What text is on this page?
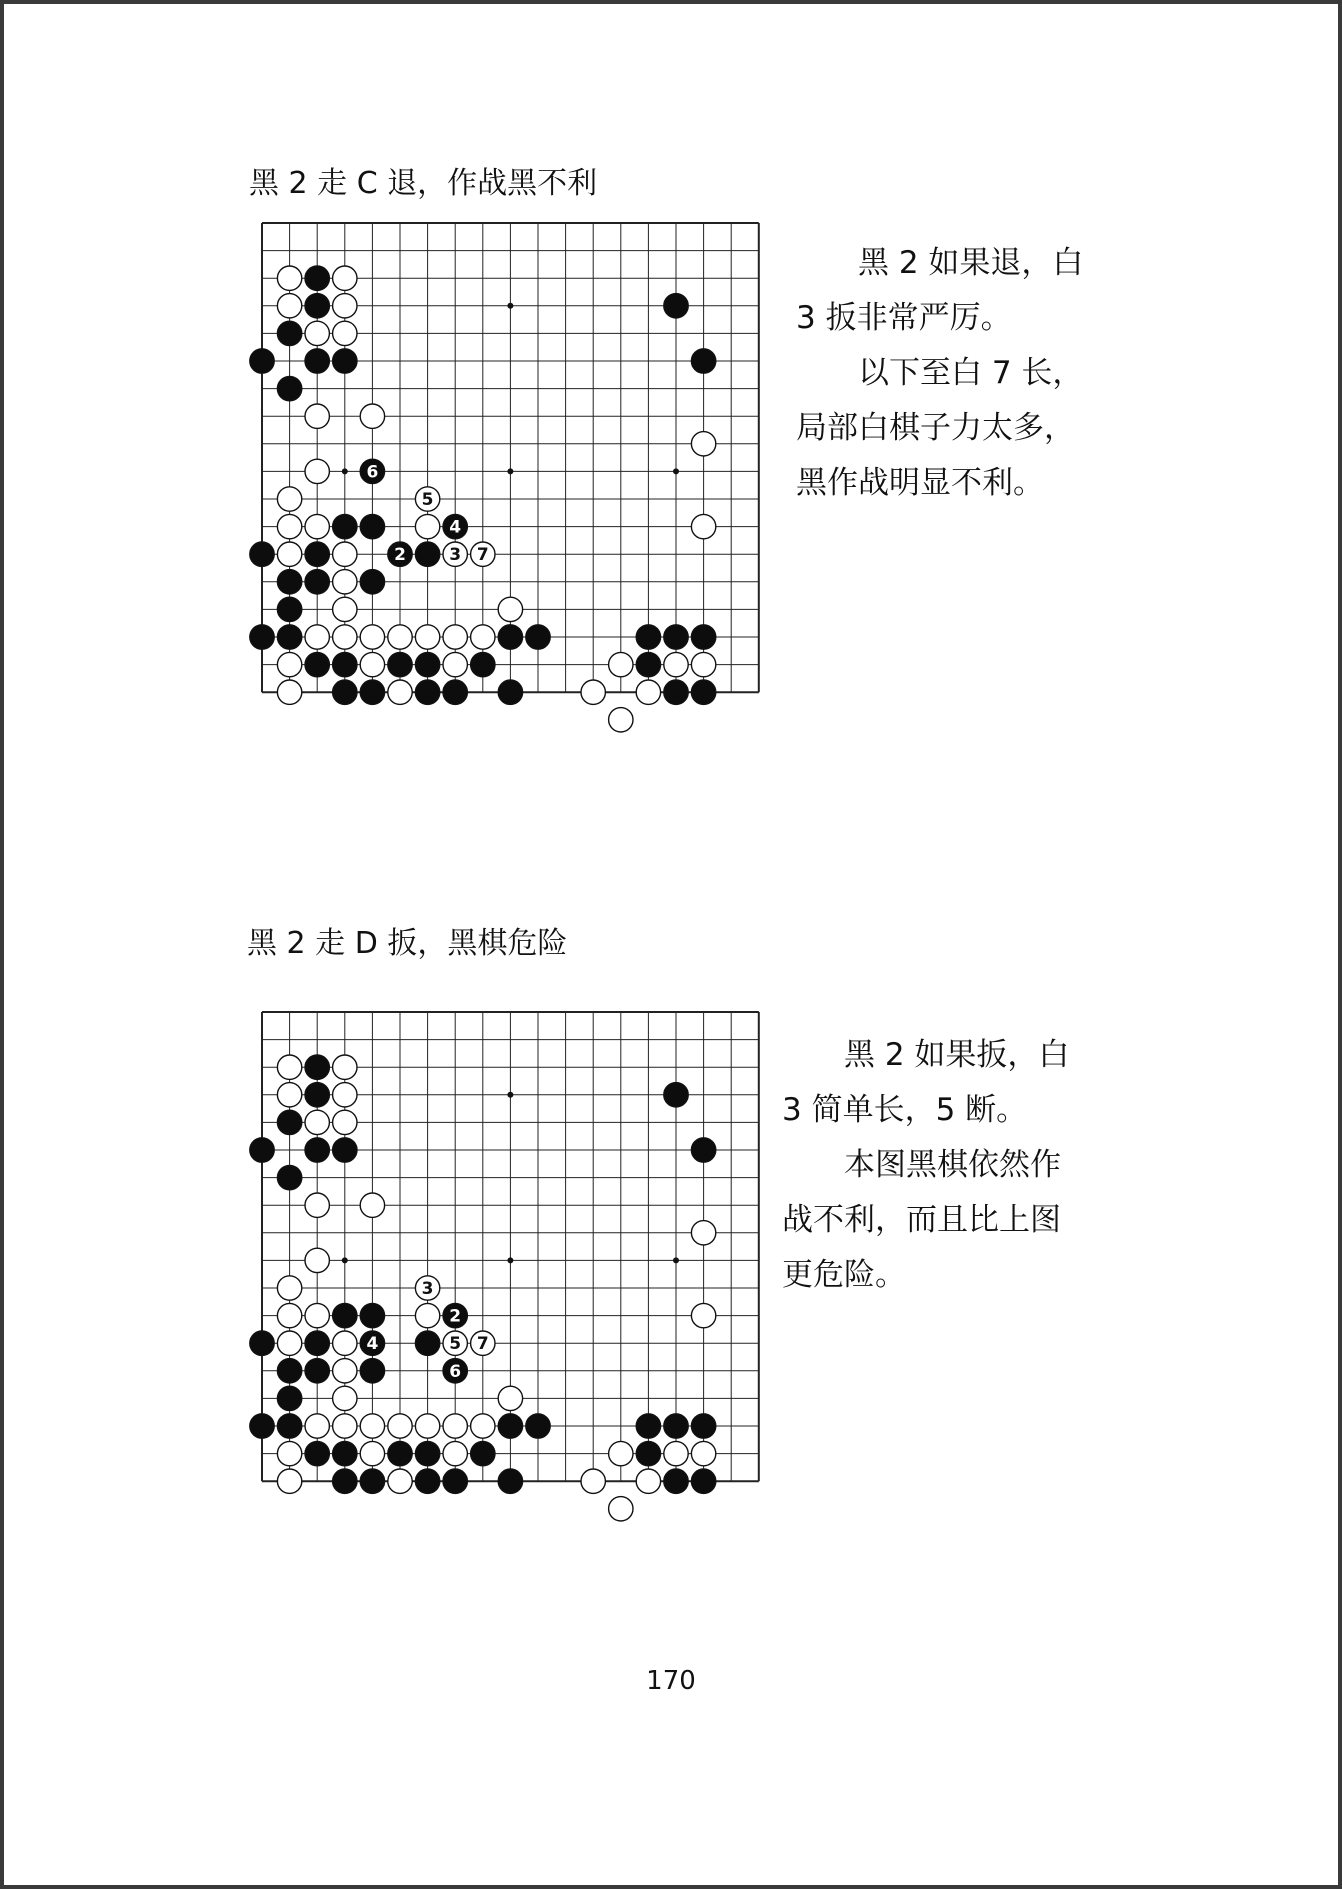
黑 2 走 C 退，作战黑不利
6
5
4
2	3 7

黑 2 如果退，白 3 扳非常严厉。

以下至白 7 长，局部白棋子力太多，黑作战明显不利。

黑 2 走 D 扳，黑棋危险
3
2
4	5 7
6

黑 2 如果扳，白 3 简单长，5 断。

本图黑棋依然作战不利，而且比上图更危险。

170
